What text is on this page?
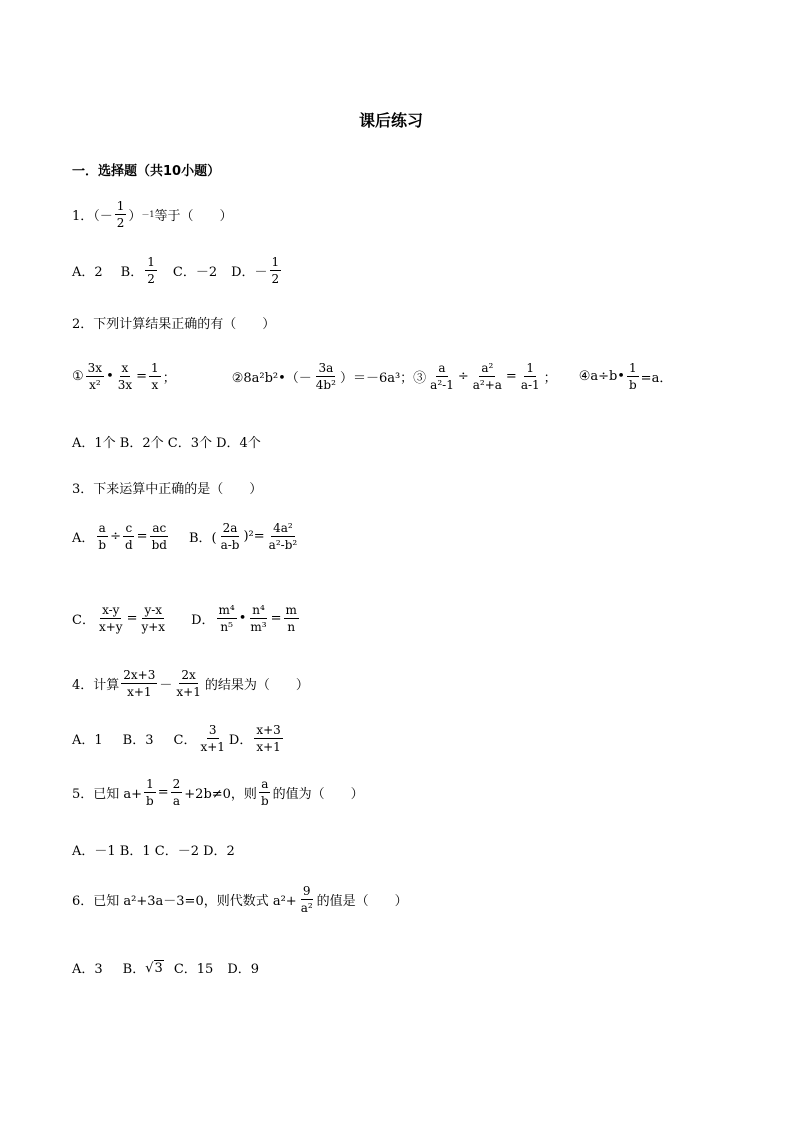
课后练习
一．选择题（共10小题）
1．（－ $\frac{1}{2}$ ） －1 等于（　　）
A．2 B． $\frac{1}{2}$ C．－2 D．－ $\frac{1}{2}$
2．下列计算结果正确的有（　　）
① $\frac{3x}{\text{x²}}$ • $\frac{x}{3x} = \frac{1}{x}$ ；	②8a²b²•（－ $\frac{3a}{\text{4b²}} )=-6a^3$；③ $\frac{a}{\text{a²-1}} \div \frac{\text{a²}}{\text{a²+a}} = \frac{1}{a-1}$ ； ④a÷b• $\frac{1}{b} =a$．
A．1个 B．2个 C．3个 D．4个
3．下来运算中正确的是（　　）
A． $\frac{a}{b} \div \frac{c}{d} = \frac{ac}{bd}$ B．( $\frac{2a}{a-b} )^2= \frac{\text{4a²}}{\text{a²-b²}}$
C． $\frac{x-y}{x+y} = \frac{y-x}{y+x}$ D． $\frac{\text{m⁴}}{\text{n⁵}}$ • $\frac{\text{n⁴}}{\text{m³}} = \frac{m}{n}$
4．计算 $\frac{2x+3}{x+1} - \frac{2x}{x+1}$ 的结果为（　　）
A．1 B．3 C． $\frac{3}{x+1}$ D． $\frac{x+3}{x+1}$
5．已知 $a+ \frac{1}{b} = \frac{2}{a} +2b\ne 0$，则 $\frac{a}{b}$ 的值为（　　）
A．－1 B．1 C．－2 D．2
6．已知 a²+3a－3=0，则代数式 $a^2+ \frac{9}{\text{a²}}$ 的值是（　　）
A．3 B． √ 3 C．15 D．9
